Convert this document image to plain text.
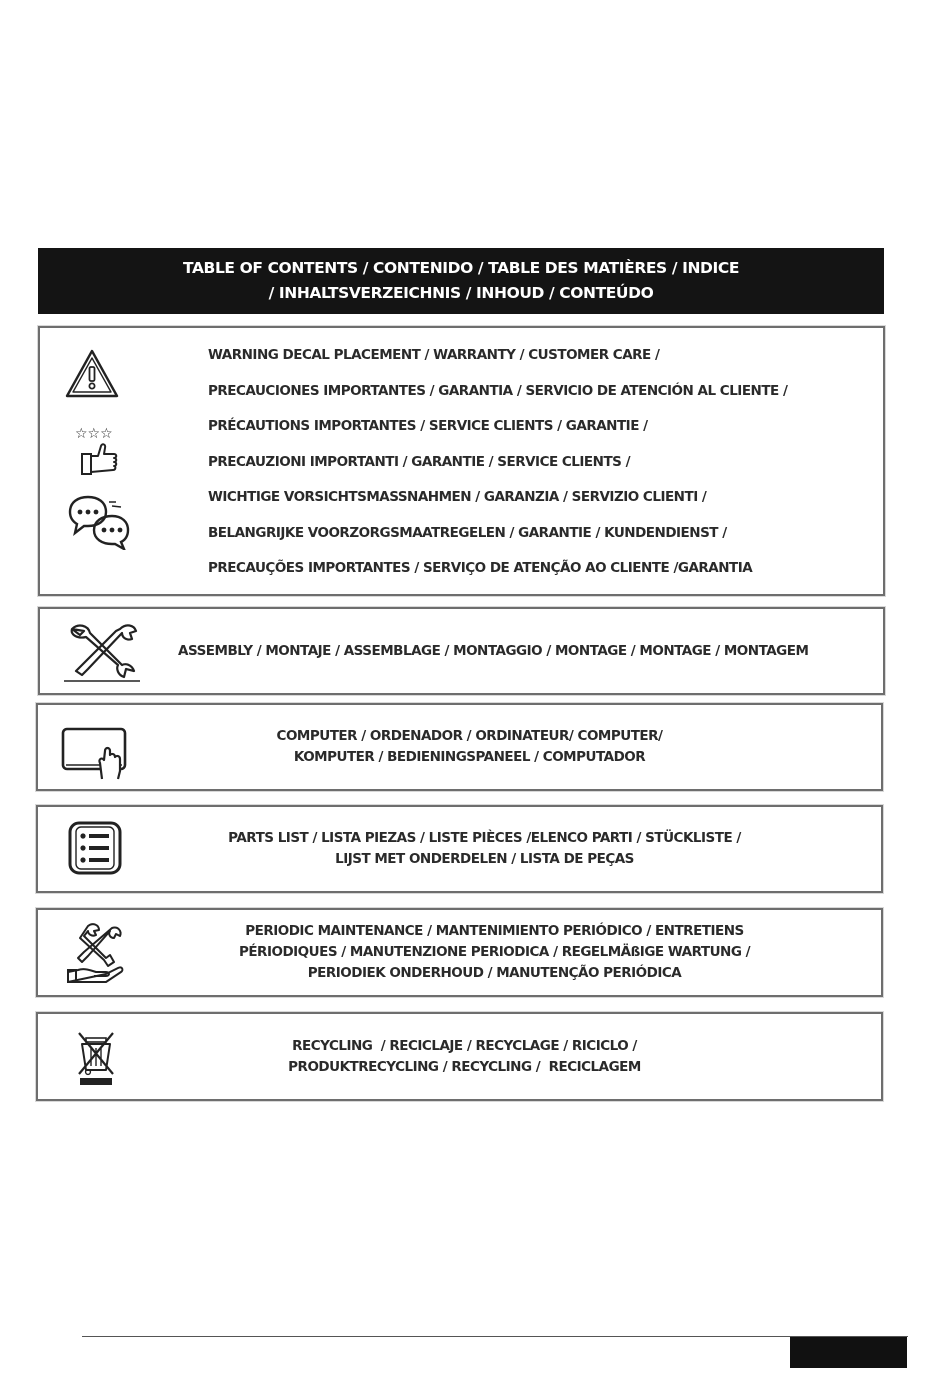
TABLE OF CONTENTS / CONTENIDO / TABLE DES MATIÈRES / INDICE
/ INHALTSVERZEICHNIS / INHOUD / CONTEÚDO
☆☆☆
WARNING DECAL PLACEMENT / WARRANTY / CUSTOMER CARE /
PRECAUCIONES IMPORTANTES / GARANTIA / SERVICIO DE ATENCIÓN AL CLIENTE /
PRÉCAUTIONS IMPORTANTES / SERVICE CLIENTS / GARANTIE /
PRECAUZIONI IMPORTANTI / GARANTIE / SERVICE CLIENTS /
WICHTIGE VORSICHTSMASSNAHMEN / GARANZIA / SERVIZIO CLIENTI /
BELANGRIJKE VOORZORGSMAATREGELEN / GARANTIE / KUNDENDIENST /
PRECAUÇÕES IMPORTANTES / SERVIÇO DE ATENÇÃO AO CLIENTE /GARANTIA
ASSEMBLY / MONTAJE / ASSEMBLAGE / MONTAGGIO / MONTAGE / MONTAGE / MONTAGEM
COMPUTER / ORDENADOR / ORDINATEUR/ COMPUTER/
KOMPUTER / BEDIENINGSPANEEL / COMPUTADOR
PARTS LIST / LISTA PIEZAS / LISTE PIÈCES /ELENCO PARTI / STÜCKLISTE /
LIJST MET ONDERDELEN / LISTA DE PEÇAS
PERIODIC MAINTENANCE / MANTENIMIENTO PERIÓDICO / ENTRETIENS
PÉRIODIQUES / MANUTENZIONE PERIODICA / REGELMÄßIGE WARTUNG /
PERIODIEK ONDERHOUD / MANUTENÇÃO PERIÓDICA
RECYCLING  / RECICLAJE / RECYCLAGE / RICICLO /
PRODUKTRECYCLING / RECYCLING /  RECICLAGEM
